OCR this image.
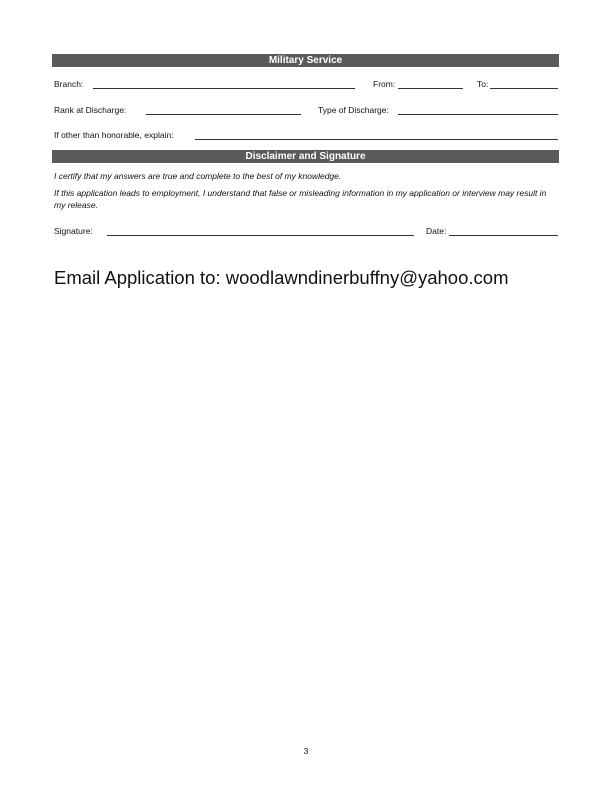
Military Service
Branch:	From:	To:
Rank at Discharge:	Type of Discharge:
If other than honorable, explain:
Disclaimer and Signature
I certify that my answers are true and complete to the best of my knowledge.
If this application leads to employment, I understand that false or misleading information in my application or interview may result in my release.
Signature:	Date:
Email Application to: woodlawndinerbuffny@yahoo.com
3
